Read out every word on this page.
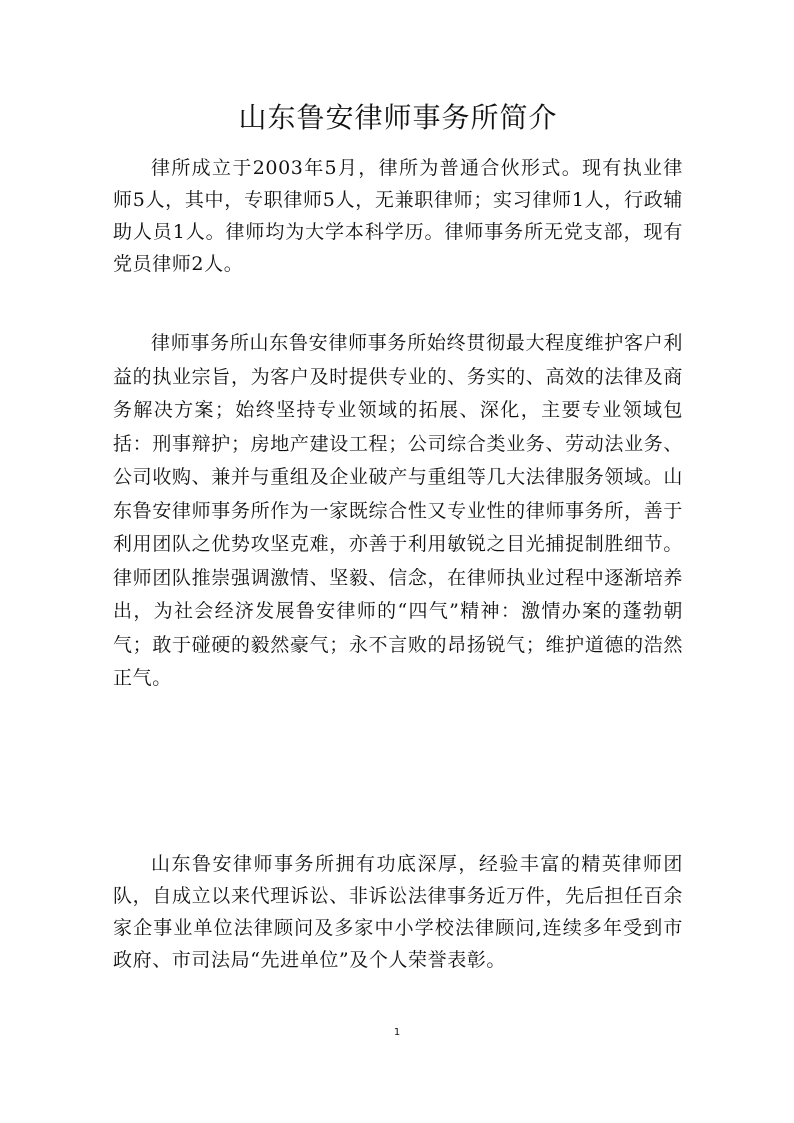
山东鲁安律师事务所简介

律所成立于2003年5月，律所为普通合伙形式。现有执业律师5人，其中，专职律师5人，无兼职律师；实习律师1人，行政辅助人员1人。律师均为大学本科学历。律师事务所无党支部，现有党员律师2人。

律师事务所山东鲁安律师事务所始终贯彻最大程度维护客户利益的执业宗旨，为客户及时提供专业的、务实的、高效的法律及商务解决方案；始终坚持专业领域的拓展、深化，主要专业领域包括：刑事辩护；房地产建设工程；公司综合类业务、劳动法业务、公司收购、兼并与重组及企业破产与重组等几大法律服务领域。山东鲁安律师事务所作为一家既综合性又专业性的律师事务所，善于利用团队之优势攻坚克难，亦善于利用敏锐之目光捕捉制胜细节。律师团队推崇强调激情、坚毅、信念，在律师执业过程中逐渐培养出，为社会经济发展鲁安律师的“四气”精神：激情办案的蓬勃朝气；敢于碰硬的毅然豪气；永不言败的昂扬锐气；维护道德的浩然正气。

山东鲁安律师事务所拥有功底深厚，经验丰富的精英律师团队，自成立以来代理诉讼、非诉讼法律事务近万件，先后担任百余家企事业单位法律顾问及多家中小学校法律顾问,连续多年受到市政府、市司法局“先进单位”及个人荣誉表彰。

1
